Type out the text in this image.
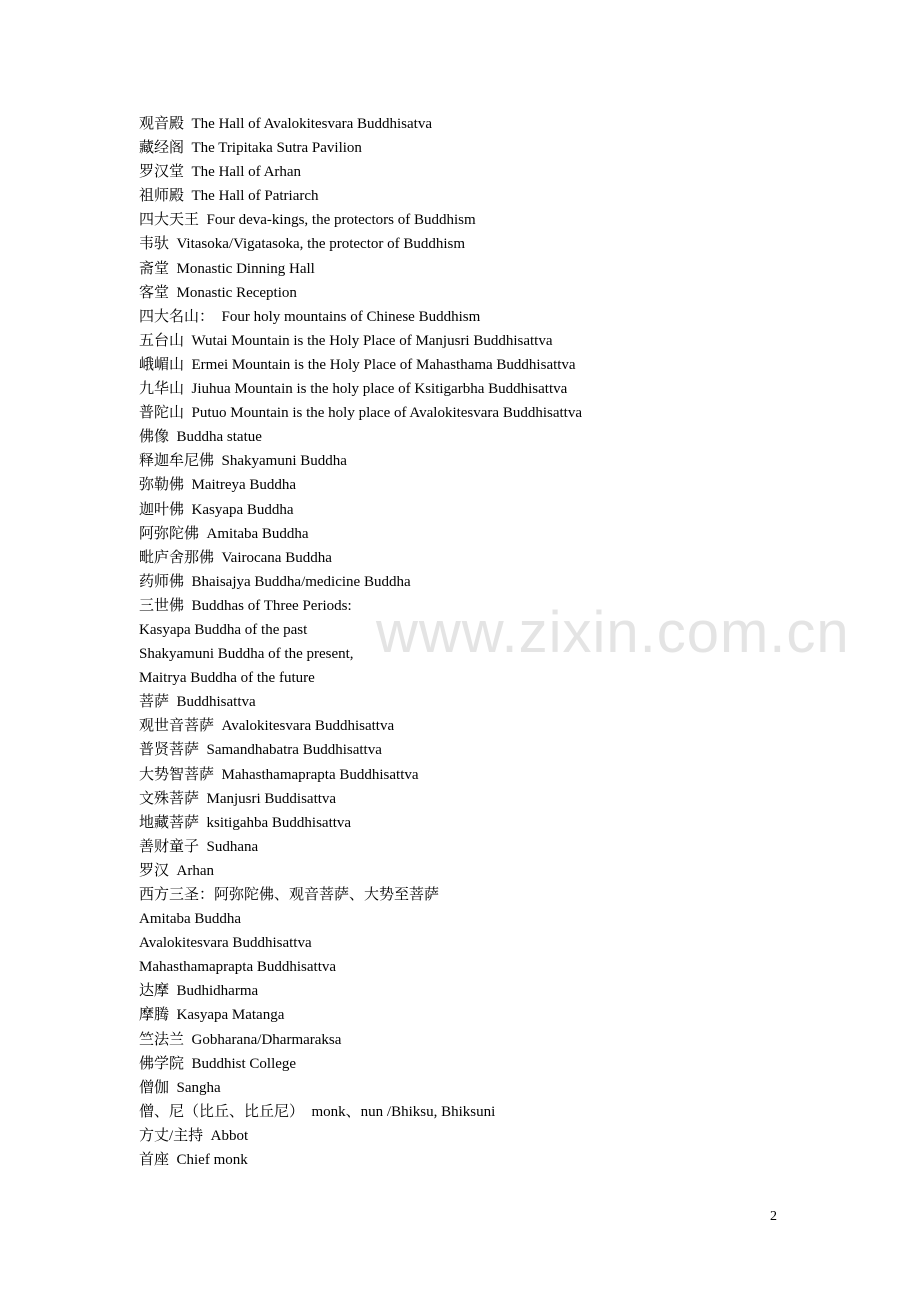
www.zixin.com.cn
观音殿  The Hall of Avalokitesvara Buddhisatva
藏经阁  The Tripitaka Sutra Pavilion
罗汉堂  The Hall of Arhan
祖师殿  The Hall of Patriarch
四大天王  Four deva-kings, the protectors of Buddhism
韦驮  Vitasoka/Vigatasoka, the protector of Buddhism
斋堂  Monastic Dinning Hall
客堂  Monastic Reception
四大名山：  Four holy mountains of Chinese Buddhism
五台山  Wutai Mountain is the Holy Place of Manjusri Buddhisattva
峨嵋山  Ermei Mountain is the Holy Place of Mahasthama Buddhisattva
九华山  Jiuhua Mountain is the holy place of Ksitigarbha Buddhisattva
普陀山  Putuo Mountain is the holy place of Avalokitesvara Buddhisattva
佛像  Buddha statue
释迦牟尼佛  Shakyamuni Buddha
弥勒佛  Maitreya Buddha
迦叶佛  Kasyapa Buddha
阿弥陀佛  Amitaba Buddha
毗庐舍那佛  Vairocana Buddha
药师佛  Bhaisajya Buddha/medicine Buddha
三世佛  Buddhas of Three Periods:
Kasyapa Buddha of the past
Shakyamuni Buddha of the present,
Maitrya Buddha of the future
菩萨  Buddhisattva
观世音菩萨  Avalokitesvara Buddhisattva
普贤菩萨  Samandhabatra Buddhisattva
大势智菩萨  Mahasthamaprapta Buddhisattva
文殊菩萨  Manjusri Buddisattva
地藏菩萨  ksitigahba Buddhisattva
善财童子  Sudhana
罗汉  Arhan
西方三圣：阿弥陀佛、观音菩萨、大势至菩萨
Amitaba Buddha
Avalokitesvara Buddhisattva
Mahasthamaprapta Buddhisattva
达摩  Budhidharma
摩腾  Kasyapa Matanga
竺法兰  Gobharana/Dharmaraksa
佛学院  Buddhist College
僧伽  Sangha
僧、尼（比丘、比丘尼）  monk、nun /Bhiksu, Bhiksuni
方丈/主持  Abbot
首座  Chief monk
2
